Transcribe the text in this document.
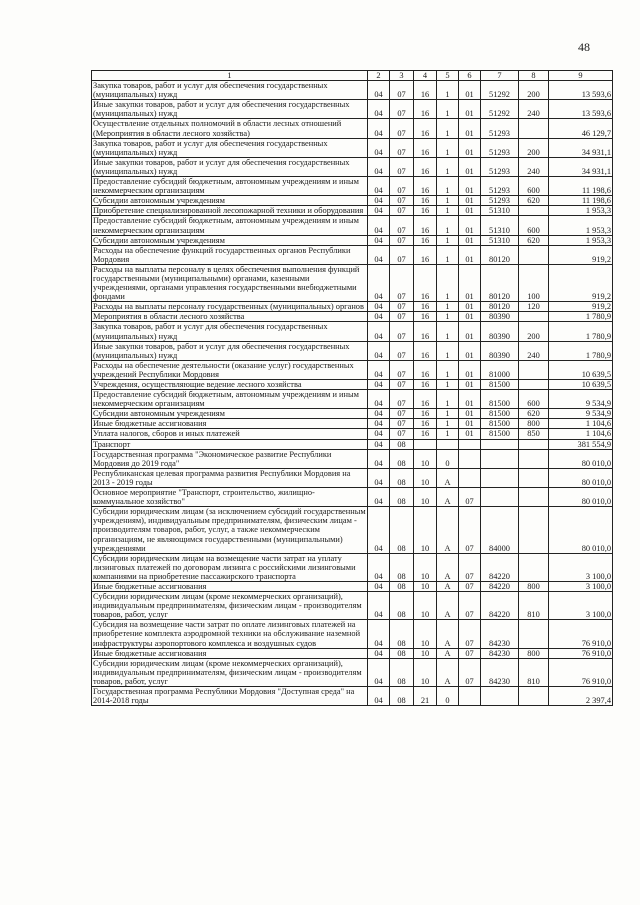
48
1	2	3	4	5	6	7	8	9
Закупка товаров, работ и услуг для обеспечения государственных (муниципальных) нужд	04	07	16	1	01	51292	200	13 593,6
Иные закупки товаров, работ и услуг для обеспечения государственных (муниципальных) нужд	04	07	16	1	01	51292	240	13 593,6
Осуществление отдельных полномочий в области лесных отношений (Мероприятия в области лесного хозяйства)	04	07	16	1	01	51293		46 129,7
Закупка товаров, работ и услуг для обеспечения государственных (муниципальных) нужд	04	07	16	1	01	51293	200	34 931,1
Иные закупки товаров, работ и услуг для обеспечения государственных (муниципальных) нужд	04	07	16	1	01	51293	240	34 931,1
Предоставление субсидий бюджетным, автономным учреждениям и иным некоммерческим организациям	04	07	16	1	01	51293	600	11 198,6
Субсидии автономным учреждениям	04	07	16	1	01	51293	620	11 198,6
Приобретение специализированной лесопожарной техники и оборудования	04	07	16	1	01	51310		1 953,3
Предоставление субсидий бюджетным, автономным учреждениям и иным некоммерческим организациям	04	07	16	1	01	51310	600	1 953,3
Субсидии автономным учреждениям	04	07	16	1	01	51310	620	1 953,3
Расходы на обеспечение функций государственных органов Республики Мордовия	04	07	16	1	01	80120		919,2
Расходы на выплаты персоналу в целях обеспечения выполнения функций государственными (муниципальными) органами, казенными учреждениями, органами управления государственными внебюджетными фондами	04	07	16	1	01	80120	100	919,2
Расходы на выплаты персоналу государственных (муниципальных) органов	04	07	16	1	01	80120	120	919,2
Мероприятия в области лесного хозяйства	04	07	16	1	01	80390		1 780,9
Закупка товаров, работ и услуг для обеспечения государственных (муниципальных) нужд	04	07	16	1	01	80390	200	1 780,9
Иные закупки товаров, работ и услуг для обеспечения государственных (муниципальных) нужд	04	07	16	1	01	80390	240	1 780,9
Расходы на обеспечение деятельности (оказание услуг) государственных учреждений Республики Мордовия	04	07	16	1	01	81000		10 639,5
Учреждения, осуществляющие ведение лесного хозяйства	04	07	16	1	01	81500		10 639,5
Предоставление субсидий бюджетным, автономным учреждениям и иным некоммерческим организациям	04	07	16	1	01	81500	600	9 534,9
Субсидии автономным учреждениям	04	07	16	1	01	81500	620	9 534,9
Иные бюджетные ассигнования	04	07	16	1	01	81500	800	1 104,6
Уплата налогов, сборов и иных платежей	04	07	16	1	01	81500	850	1 104,6
Транспорт	04	08						381 554,9
Государственная программа "Экономическое развитие Республики Мордовия до 2019 года"	04	08	10	0				80 010,0
Республиканская целевая программа развития Республики Мордовия на 2013 - 2019 годы	04	08	10	А				80 010,0
Основное мероприятие "Транспорт, строительство, жилищно-коммунальное хозяйство"	04	08	10	А	07			80 010,0
Субсидии юридическим лицам (за исключением субсидий государственным учреждениям), индивидуальным предпринимателям, физическим лицам - производителям товаров, работ, услуг, а также некоммерческим организациям, не являющимся государственными (муниципальными) учреждениями	04	08	10	А	07	84000		80 010,0
Субсидии юридическим лицам на возмещение части затрат на уплату лизинговых платежей по договорам лизинга с российскими лизинговыми компаниями на приобретение пассажирского транспорта	04	08	10	А	07	84220		3 100,0
Иные бюджетные ассигнования	04	08	10	А	07	84220	800	3 100,0
Субсидии юридическим лицам (кроме некоммерческих организаций), индивидуальным предпринимателям, физическим лицам - производителям товаров, работ, услуг	04	08	10	А	07	84220	810	3 100,0
Субсидия на возмещение части затрат по оплате лизинговых платежей на приобретение комплекта аэродромной техники на обслуживание наземной инфраструктуры аэропортового комплекса и воздушных судов	04	08	10	А	07	84230		76 910,0
Иные бюджетные ассигнования	04	08	10	А	07	84230	800	76 910,0
Субсидии юридическим лицам (кроме некоммерческих организаций), индивидуальным предпринимателям, физическим лицам - производителям товаров, работ, услуг	04	08	10	А	07	84230	810	76 910,0
Государственная программа Республики Мордовия "Доступная среда" на 2014-2018 годы	04	08	21	0				2 397,4
